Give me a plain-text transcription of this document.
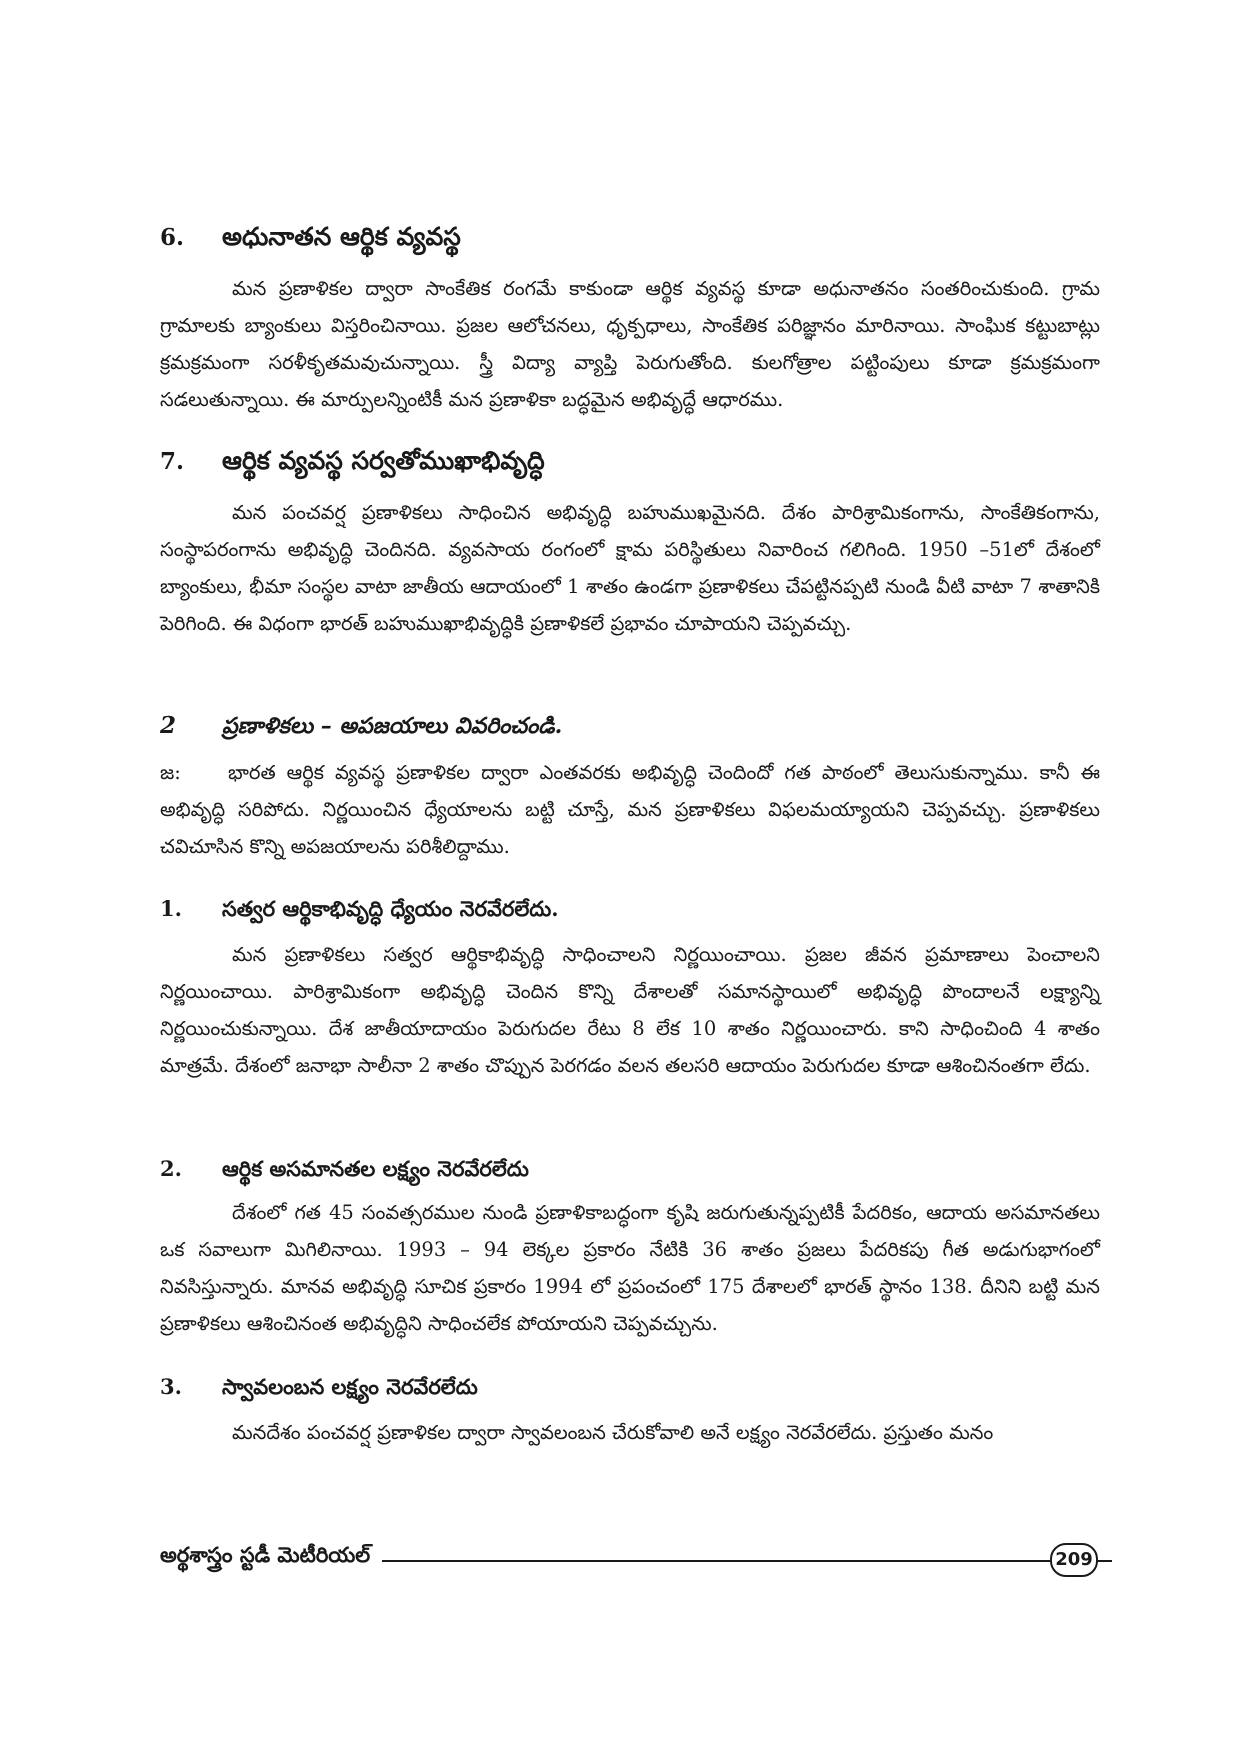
6.	అధునాతన ఆర్థిక వ్యవస్థ
మన ప్రణాళికల ద్వారా సాంకేతిక రంగమే కాకుండా ఆర్థిక వ్యవస్థ కూడా అధునాతనం సంతరించుకుంది. గ్రామ గ్రామాలకు బ్యాంకులు విస్తరించినాయి. ప్రజల ఆలోచనలు, ధృక్పధాలు, సాంకేతిక పరిజ్ఞానం మారినాయి. సాంఘిక కట్టుబాట్లు క్రమక్రమంగా సరళీకృతమవుచున్నాయి. స్త్రీ విద్యా వ్యాప్తి పెరుగుతోంది. కులగోత్రాల పట్టింపులు కూడా క్రమక్రమంగా సడలుతున్నాయి. ఈ మార్పులన్నింటికీ మన ప్రణాళికా బద్ధమైన అభివృద్ధే ఆధారము.
7.	ఆర్థిక వ్యవస్థ సర్వతోముఖాభివృద్ధి
మన పంచవర్ష ప్రణాళికలు సాధించిన అభివృద్ధి బహుముఖమైనది. దేశం పారిశ్రామికంగాను, సాంకేతికంగాను, సంస్థాపరంగాను అభివృద్ధి చెందినది. వ్యవసాయ రంగంలో క్షామ పరిస్థితులు నివారించ గలిగింది. 1950 –51లో దేశంలో బ్యాంకులు, భీమా సంస్థల వాటా జాతీయ ఆదాయంలో 1 శాతం ఉండగా ప్రణాళికలు చేపట్టినప్పటి నుండి వీటి వాటా 7 శాతానికి పెరిగింది. ఈ విధంగా భారత్ బహుముఖాభివృద్ధికి ప్రణాళికలే ప్రభావం చూపాయని చెప్పవచ్చు.
2	ప్రణాళికలు – అపజయాలు వివరించండి.
జ: భారత ఆర్థిక వ్యవస్థ ప్రణాళికల ద్వారా ఎంతవరకు అభివృద్ధి చెందిందో గత పాఠంలో తెలుసుకున్నాము. కానీ ఈ అభివృద్ధి సరిపోదు. నిర్ణయించిన ధ్యేయాలను బట్టి చూస్తే, మన ప్రణాళికలు విఫలమయ్యాయని చెప్పవచ్చు. ప్రణాళికలు చవిచూసిన కొన్ని అపజయాలను పరిశీలిద్దాము.
1.	సత్వర ఆర్థికాభివృద్ధి ధ్యేయం నెరవేరలేదు.
మన ప్రణాళికలు సత్వర ఆర్థికాభివృద్ధి సాధించాలని నిర్ణయించాయి. ప్రజల జీవన ప్రమాణాలు పెంచాలని నిర్ణయించాయి. పారిశ్రామికంగా అభివృద్ధి చెందిన కొన్ని దేశాలతో సమానస్థాయిలో అభివృద్ధి పొందాలనే లక్ష్యాన్ని నిర్ణయించుకున్నాయి. దేశ జాతీయాదాయం పెరుగుదల రేటు 8 లేక 10 శాతం నిర్ణయించారు. కాని సాధించింది 4 శాతం మాత్రమే. దేశంలో జనాభా సాలీనా 2 శాతం చొప్పున పెరగడం వలన తలసరి ఆదాయం పెరుగుదల కూడా ఆశించినంతగా లేదు.
2.	ఆర్థిక అసమానతల లక్ష్యం నెరవేరలేదు
దేశంలో గత 45 సంవత్సరముల నుండి ప్రణాళికాబద్ధంగా కృషి జరుగుతున్నప్పటికీ పేదరికం, ఆదాయ అసమానతలు ఒక సవాలుగా మిగిలినాయి. 1993 – 94 లెక్కల ప్రకారం నేటికి 36 శాతం ప్రజలు పేదరికపు గీత అడుగుభాగంలో నివసిస్తున్నారు. మానవ అభివృద్ధి సూచిక ప్రకారం 1994 లో ప్రపంచంలో 175 దేశాలలో భారత్ స్థానం 138. దీనిని బట్టి మన ప్రణాళికలు ఆశించినంత అభివృద్ధిని సాధించలేక పోయాయని చెప్పవచ్చును.
3.	స్వావలంబన లక్ష్యం నెరవేరలేదు
మనదేశం పంచవర్ష ప్రణాళికల ద్వారా స్వావలంబన చేరుకోవాలి అనే లక్ష్యం నెరవేరలేదు. ప్రస్తుతం మనం
అర్థశాస్త్రం స్టడీ మెటీరియల్	209
